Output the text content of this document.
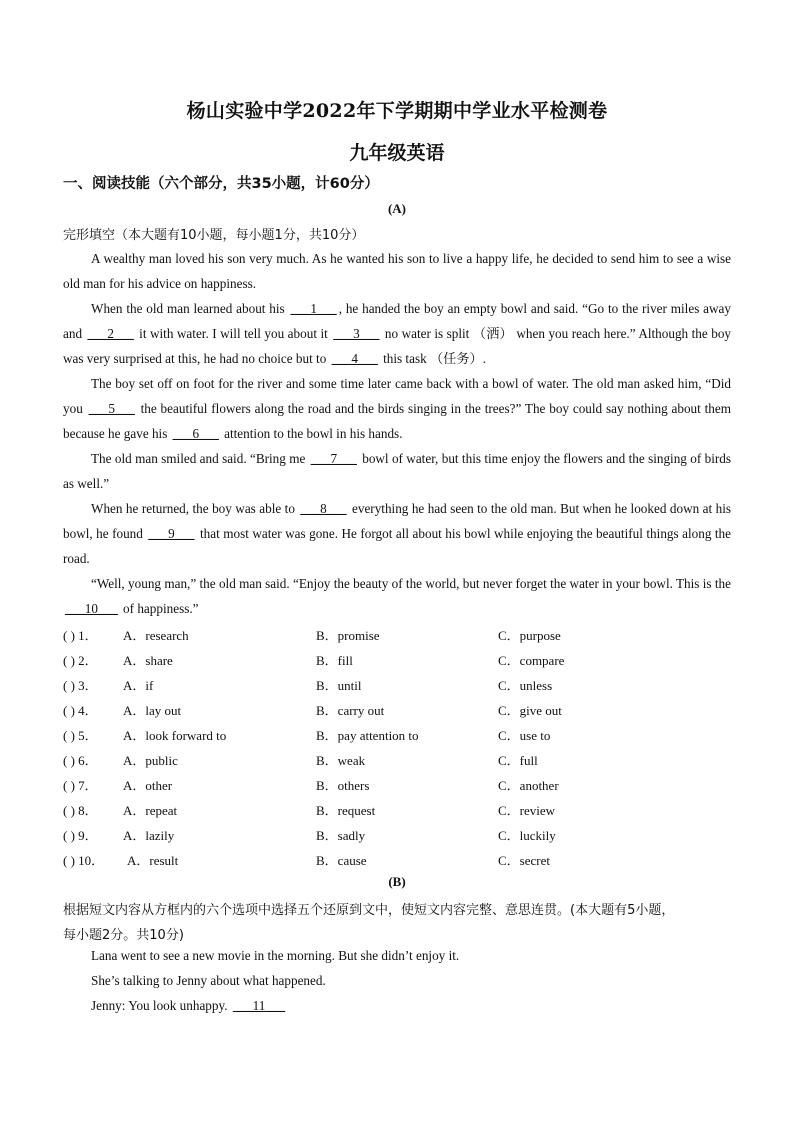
杨山实验中学2022年下学期期中学业水平检测卷
九年级英语
一、阅读技能（六个部分，共35小题，计60分）
(A)
完形填空（本大题有10小题，每小题1分，共10分）
A wealthy man loved his son very much. As he wanted his son to live a happy life, he decided to send him to see a wise old man for his advice on happiness.
When the old man learned about his ___1___ , he handed the boy an empty bowl and said. “Go to the river miles away and ___2___ it with water. I will tell you about it ___3___ no water is split （洒） when you reach here.” Although the boy was very surprised at this, he had no choice but to ___4___ this task （任务）.
The boy set off on foot for the river and some time later came back with a bowl of water. The old man asked him, “Did you ___5___ the beautiful flowers along the road and the birds singing in the trees?” The boy could say nothing about them because he gave his ___6___ attention to the bowl in his hands.
The old man smiled and said. “Bring me ___7___ bowl of water, but this time enjoy the flowers and the singing of birds as well.”
When he returned, the boy was able to ___8___ everything he had seen to the old man. But when he looked down at his bowl, he found ___9___ that most water was gone. He forgot all about his bowl while enjoying the beautiful things along the road.
“Well, young man,” the old man said. “Enjoy the beauty of the world, but never forget the water in your bowl. This is the ___10___ of happiness.”
( ) 1． A．research	B．promise	C．purpose
( ) 2． A．share	B．fill	C．compare
( ) 3． A．if	B．until	C．unless
( ) 4． A．lay out	B．carry out	C．give out
( ) 5． A．look forward to	B．pay attention to	C．use to
( ) 6． A．public	B．weak	C．full
( ) 7． A．other	B．others	C．another
( ) 8． A．repeat	B．request	C．review
( ) 9． A．lazily	B．sadly	C．luckily
( ) 10． A．result	B．cause	C．secret
(B)
根据短文内容从方框内的六个选项中选择五个还原到文中，使短文内容完整、意思连贯。(本大题有5小题，
每小题2分。共10分)
Lana went to see a new movie in the morning. But she didn’t enjoy it.
She’s talking to Jenny about what happened.
Jenny: You look unhappy. ___11___
